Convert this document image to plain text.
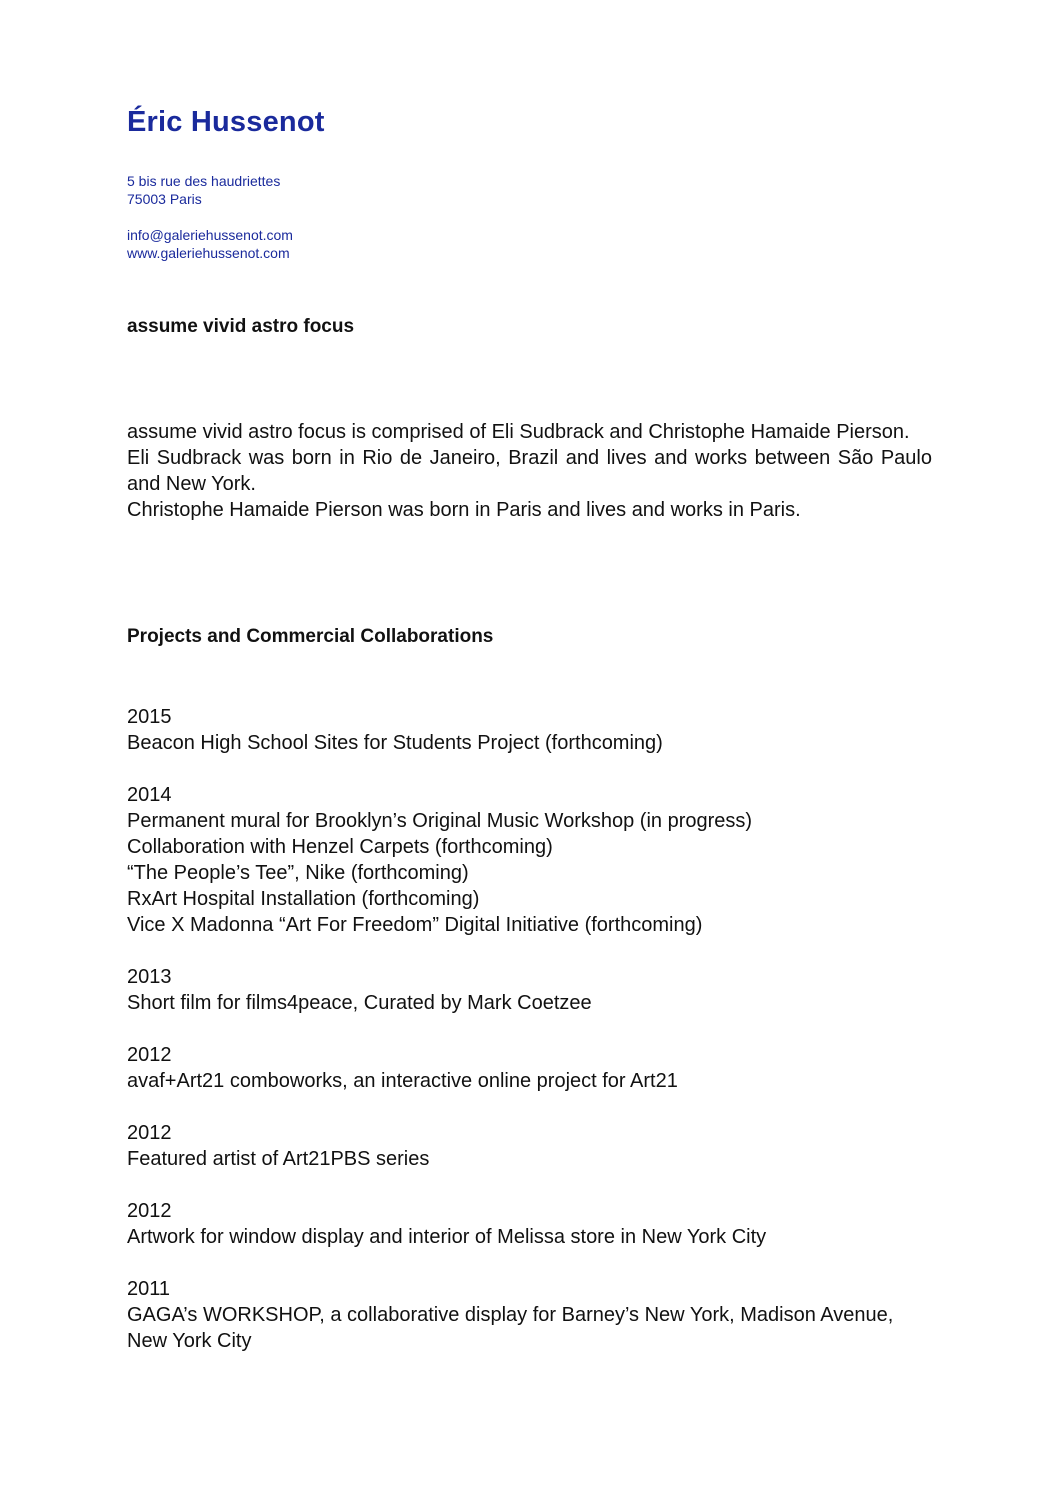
Éric Hussenot
5 bis rue des haudriettes
75003 Paris
info@galeriehussenot.com
www.galeriehussenot.com
assume vivid astro focus

assume vivid astro focus is comprised of Eli Sudbrack and Christophe Hamaide Pierson.

Eli Sudbrack was born in Rio de Janeiro, Brazil and lives and works between São Paulo and New York.

Christophe Hamaide Pierson was born in Paris and lives and works in Paris.

Projects and Commercial Collaborations
2015
Beacon High School Sites for Students Project (forthcoming)
2014
Permanent mural for Brooklyn’s Original Music Workshop (in progress)
Collaboration with Henzel Carpets (forthcoming)
“The People’s Tee”, Nike (forthcoming)
RxArt Hospital Installation (forthcoming)
Vice X Madonna “Art For Freedom” Digital Initiative (forthcoming)
2013
Short film for films4peace, Curated by Mark Coetzee
2012
avaf+Art21 comboworks, an interactive online project for Art21
2012
Featured artist of Art21PBS series
2012
Artwork for window display and interior of Melissa store in New York City
2011
GAGA’s WORKSHOP, a collaborative display for Barney’s New York, Madison Avenue, New York City
